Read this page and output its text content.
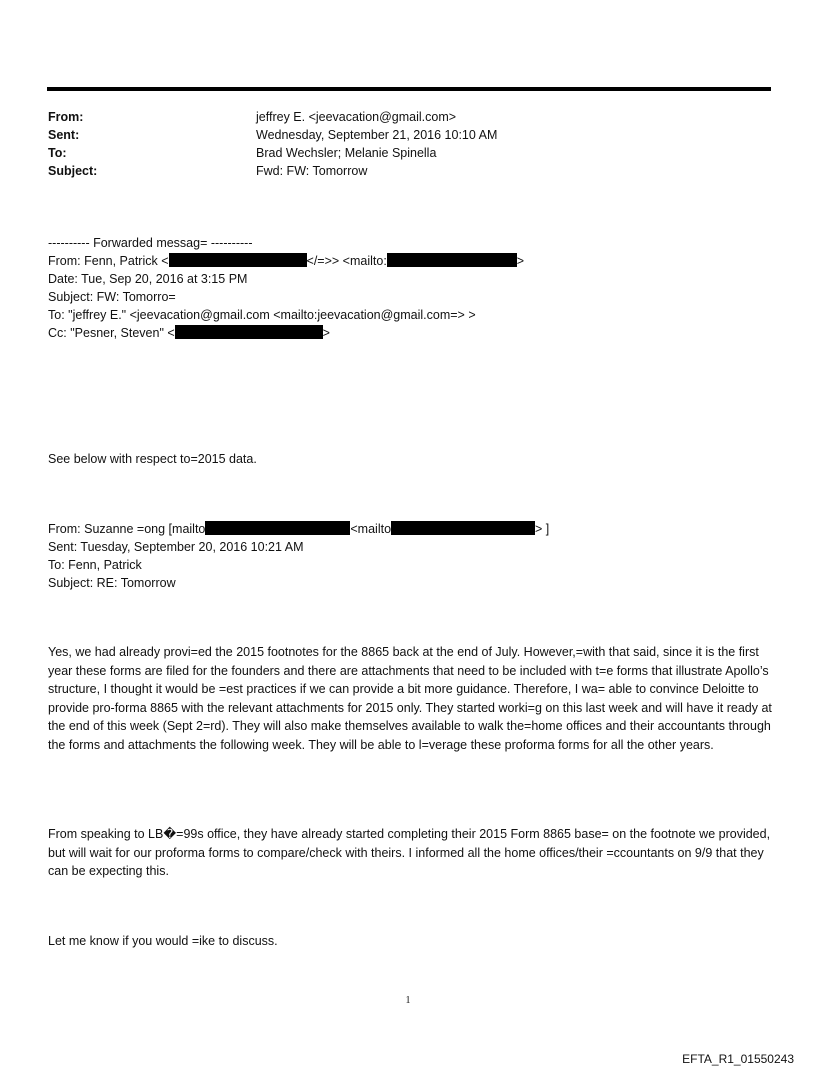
From:	jeffrey E. <jeevacation@gmail.com>
Sent:	Wednesday, September 21, 2016 10:10 AM
To:	Brad Wechsler; Melanie Spinella
Subject:	Fwd: FW: Tomorrow
---------- Forwarded messag= ----------
From: Fenn, Patrick <	</=>> <mailto:	>
Date: Tue, Sep 20, 2016 at 3:15 PM
Subject: FW: Tomorro=
To: "jeffrey E." <jeevacation@gmail.com <mailto:jeevacation@gmail.com=> >
Cc: "Pesner, Steven" <	>
See below with respect to=2015 data.
From: Suzanne =ong [mailto	<mailto	> ]
Sent: Tuesday, September 20, 2016 10:21 AM
To: Fenn, Patrick
Subject: RE: Tomorrow
Yes, we had already provi=ed the 2015 footnotes for the 8865 back at the end of July. However,=with that said, since it is the first year these forms are filed for the founders and there are attachments that need to be included with t=e forms that illustrate Apollo’s structure, I thought it would be =est practices if we can provide a bit more guidance. Therefore, I wa= able to convince Deloitte to provide pro-forma 8865 with the relevant attachments for 2015 only. They started worki=g on this last week and will have it ready at the end of this week (Sept 2=rd). They will also make themselves available to walk the=home offices and their accountants through the forms and attachments the following week. They will be able to l=verage these proforma forms for all the other years.
From speaking to LB�=99s office, they have already started completing their 2015 Form 8865 base= on the footnote we provided, but will wait for our proforma forms to compare/check with theirs. I informed all the home offices/their =ccountants on 9/9 that they can be expecting this.
Let me know if you would =ike to discuss.
1
EFTA_R1_01550243
